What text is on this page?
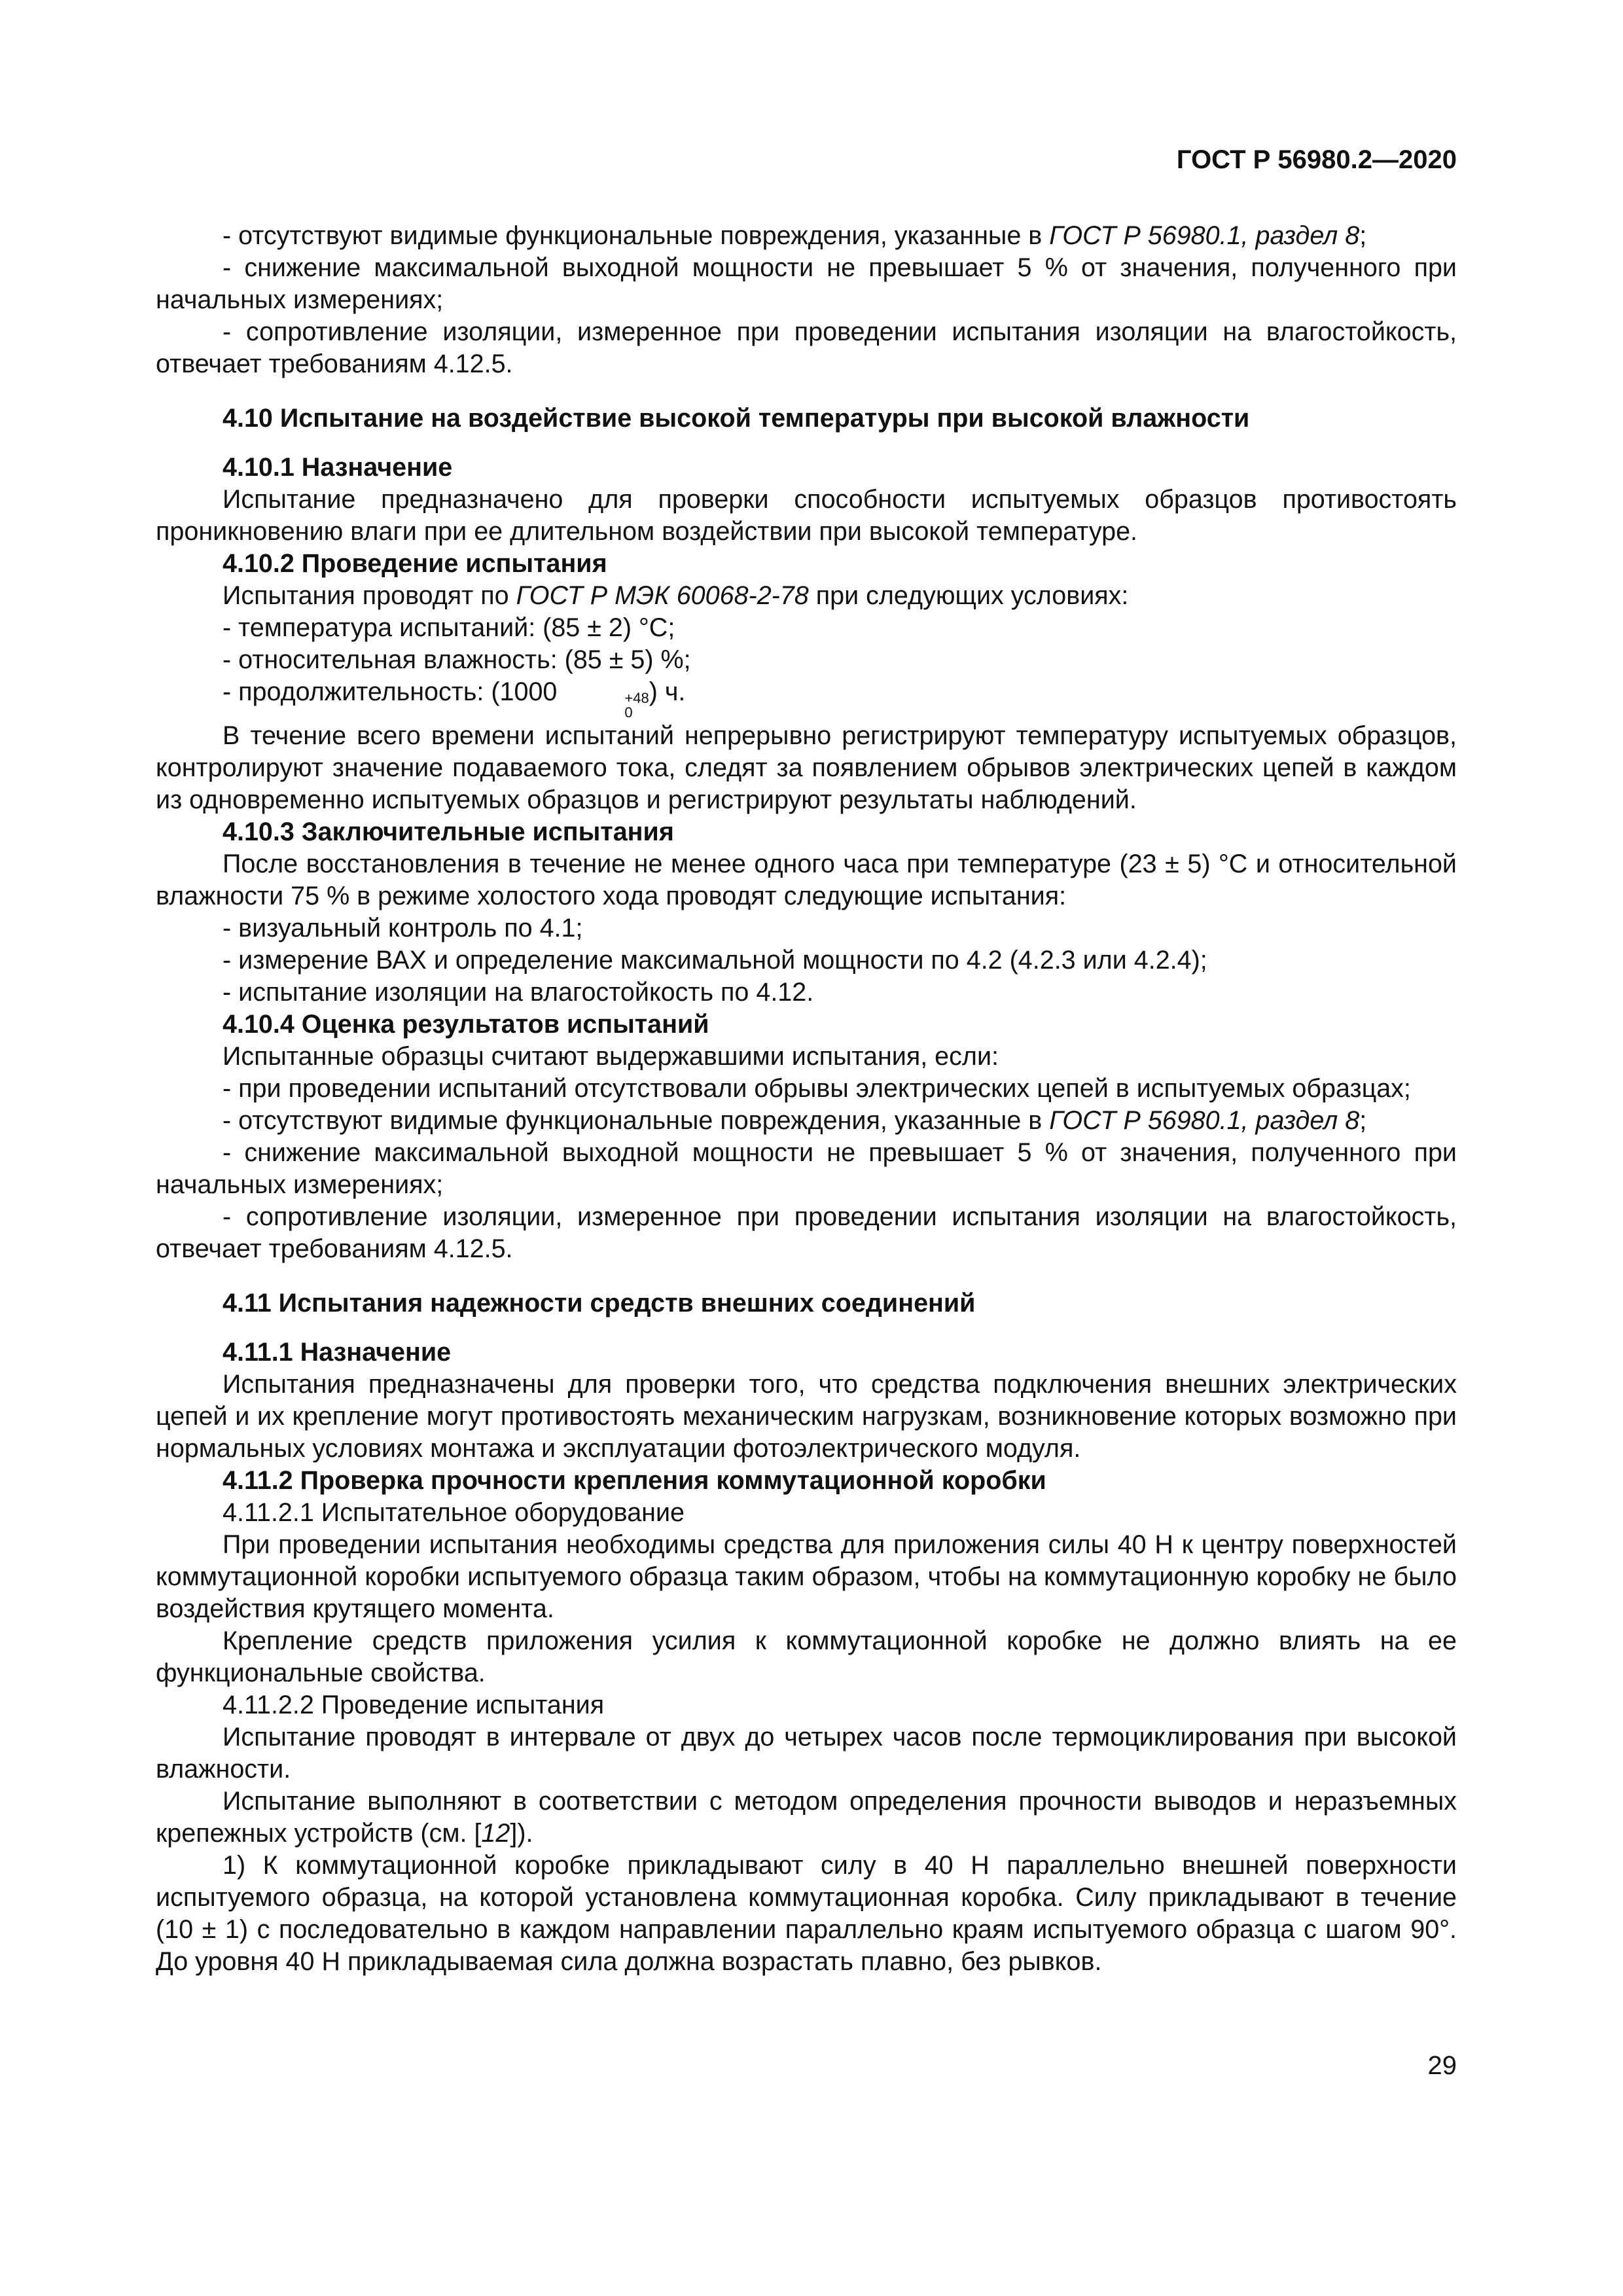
ГОСТ Р 56980.2—2020
- отсутствуют видимые функциональные повреждения, указанные в ГОСТ Р 56980.1, раздел 8;
- снижение максимальной выходной мощности не превышает 5 % от значения, полученного при начальных измерениях;
- сопротивление изоляции, измеренное при проведении испытания изоляции на влагостойкость, отвечает требованиям 4.12.5.
4.10 Испытание на воздействие высокой температуры при высокой влажности
4.10.1 Назначение
Испытание предназначено для проверки способности испытуемых образцов противостоять проникновению влаги при ее длительном воздействии при высокой температуре.
4.10.2 Проведение испытания
Испытания проводят по ГОСТ Р МЭК 60068-2-78 при следующих условиях:
- температура испытаний: (85 ± 2) °С;
- относительная влажность: (85 ± 5) %;
- продолжительность: (1000	+48
0
) ч.
В течение всего времени испытаний непрерывно регистрируют температуру испытуемых образцов, контролируют значение подаваемого тока, следят за появлением обрывов электрических цепей в каждом из одновременно испытуемых образцов и регистрируют результаты наблюдений.
4.10.3 Заключительные испытания
После восстановления в течение не менее одного часа при температуре (23 ± 5) °С и относительной влажности 75 % в режиме холостого хода проводят следующие испытания:
- визуальный контроль по 4.1;
- измерение ВАХ и определение максимальной мощности по 4.2 (4.2.3 или 4.2.4);
- испытание изоляции на влагостойкость по 4.12.
4.10.4 Оценка результатов испытаний
Испытанные образцы считают выдержавшими испытания, если:
- при проведении испытаний отсутствовали обрывы электрических цепей в испытуемых образцах;
- отсутствуют видимые функциональные повреждения, указанные в ГОСТ Р 56980.1, раздел 8;
- снижение максимальной выходной мощности не превышает 5 % от значения, полученного при начальных измерениях;
- сопротивление изоляции, измеренное при проведении испытания изоляции на влагостойкость, отвечает требованиям 4.12.5.
4.11 Испытания надежности средств внешних соединений
4.11.1 Назначение
Испытания предназначены для проверки того, что средства подключения внешних электрических цепей и их крепление могут противостоять механическим нагрузкам, возникновение которых возможно при нормальных условиях монтажа и эксплуатации фотоэлектрического модуля.
4.11.2 Проверка прочности крепления коммутационной коробки
4.11.2.1 Испытательное оборудование
При проведении испытания необходимы средства для приложения силы 40 Н к центру поверхностей коммутационной коробки испытуемого образца таким образом, чтобы на коммутационную коробку не было воздействия крутящего момента.
Крепление средств приложения усилия к коммутационной коробке не должно влиять на ее функциональные свойства.
4.11.2.2 Проведение испытания
Испытание проводят в интервале от двух до четырех часов после термоциклирования при высокой влажности.
Испытание выполняют в соответствии с методом определения прочности выводов и неразъемных крепежных устройств (см. [12]).
1) К коммутационной коробке прикладывают силу в 40 Н параллельно внешней поверхности испытуемого образца, на которой установлена коммутационная коробка. Силу прикладывают в течение (10 ± 1) с последовательно в каждом направлении параллельно краям испытуемого образца с шагом 90°. До уровня 40 Н прикладываемая сила должна возрастать плавно, без рывков.
29
